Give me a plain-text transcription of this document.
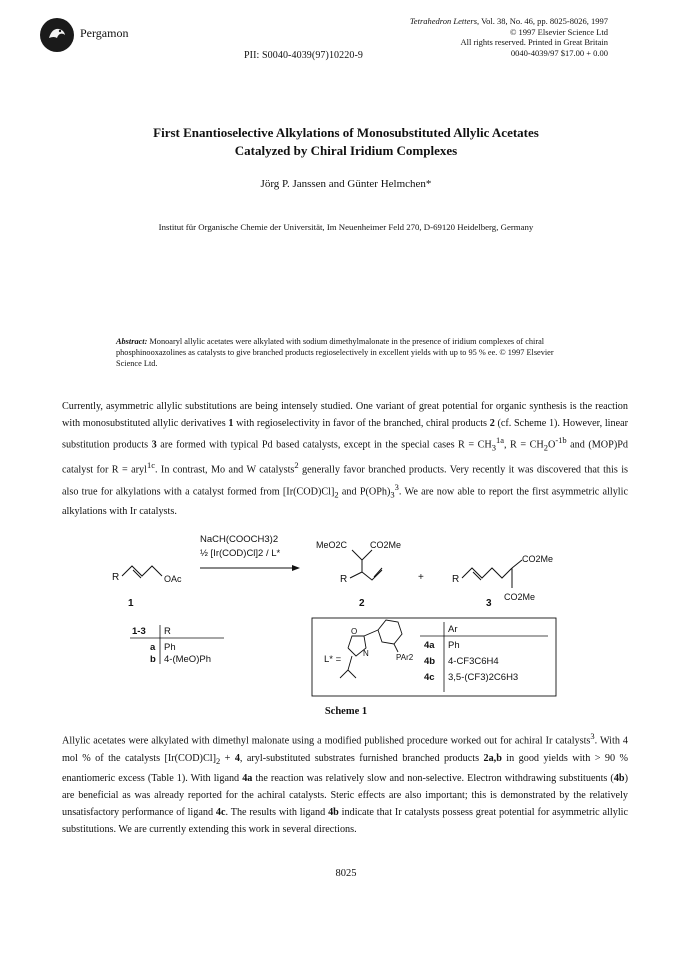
Pergamon
Tetrahedron Letters, Vol. 38, No. 46, pp. 8025-8026, 1997
© 1997 Elsevier Science Ltd
All rights reserved. Printed in Great Britain
0040-4039/97 $17.00 + 0.00
PII: S0040-4039(97)10220-9
First Enantioselective Alkylations of Monosubstituted Allylic Acetates
Catalyzed by Chiral Iridium Complexes
Jörg P. Janssen and Günter Helmchen*
Institut für Organische Chemie der Universität, Im Neuenheimer Feld 270, D-69120 Heidelberg, Germany
Abstract: Monoaryl allylic acetates were alkylated with sodium dimethylmalonate in the presence of iridium complexes of chiral phosphinooxazolines as catalysts to give branched products regioselectively in excellent yields with up to 95 % ee. © 1997 Elsevier Science Ltd.
Currently, asymmetric allylic substitutions are being intensely studied. One variant of great potential for organic synthesis is the reaction with monosubstituted allylic derivatives 1 with regioselectivity in favor of the branched, chiral products 2 (cf. Scheme 1). However, linear substitution products 3 are formed with typical Pd based catalysts, except in the special cases $R = CH_3^{1a}$, $R = CH_2O^{-1b}$ and (MOP)Pd catalyst for R = aryl$^{1c}$. In contrast, Mo and W catalysts$^2$ generally favor branched products. Very recently it was discovered that this is also true for alkylations with a catalyst formed from $[Ir(COD)Cl]_2$ and $P(OPh)_3^3$. We are now able to report the first asymmetric allylic alkylations with Ir catalysts.
R	OAc
1
NaCH(COOCH3)2
½ [Ir(COD)Cl]2 / L*
MeO2C	CO2Me
R
2
+	R
CO2Me
CO2Me
3
1-3 R
a Ph
b 4-(MeO)Ph	L* =
O
N	PAr2
Ar
4a Ph
4b 4-CF3C6H4
4c 3,5-(CF3)2C6H3
Scheme 1
Allylic acetates were alkylated with dimethyl malonate using a modified published procedure worked out for achiral Ir catalysts$^3$. With 4 mol % of the catalysts $[Ir(COD)Cl]_2 + 4$, aryl-substituted substrates furnished branched products 2a,b in good yields with > 90 % enantiomeric excess (Table 1). With ligand 4a the reaction was relatively slow and non-selective. Electron withdrawing substituents (4b) are beneficial as was already reported for the achiral catalysts. Steric effects are also important; this is demonstrated by the relatively unsatisfactory performance of ligand 4c. The results with ligand 4b indicate that Ir catalysts possess great potential for asymmetric allylic substitutions. We are currently extending this work in several directions.
8025
